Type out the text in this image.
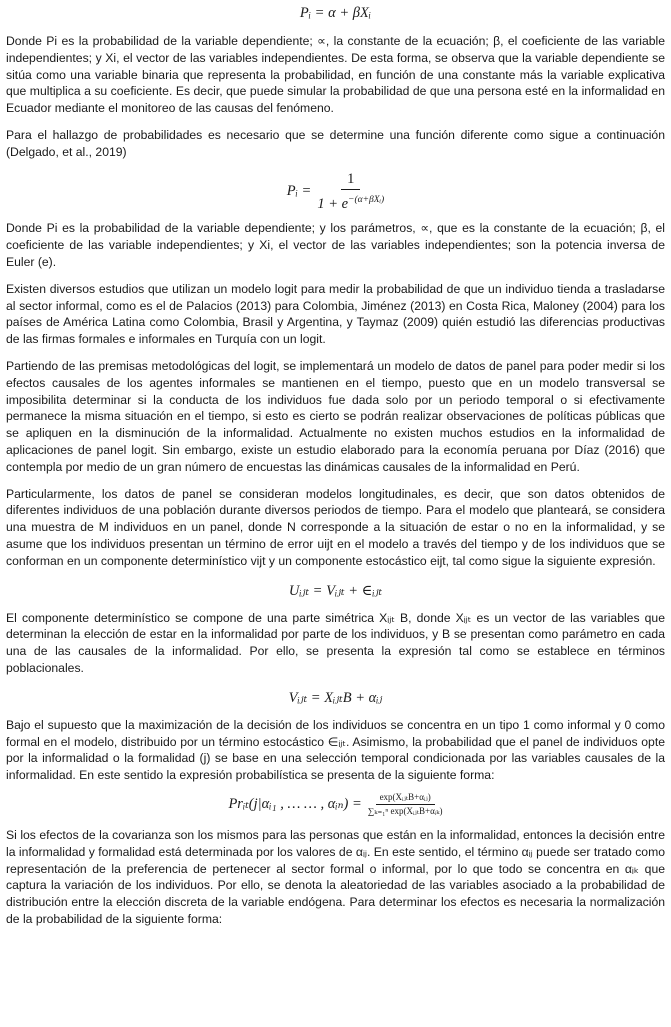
Pᵢ = α + βXᵢ

Donde Pi es la probabilidad de la variable dependiente; ∝, la constante de la ecuación; β, el coeficiente de las variable independientes; y Xi, el vector de las variables independientes. De esta forma, se observa que la variable dependiente se sitúa como una variable binaria que representa la probabilidad, en función de una constante más la variable explicativa que multiplica a su coeficiente. Es decir, que puede simular la probabilidad de que una persona esté en la informalidad en Ecuador mediante el monitoreo de las causas del fenómeno.

Para el hallazgo de probabilidades es necesario que se determine una función diferente como sigue a continuación (Delgado, et al., 2019)

Pᵢ = $\frac{1}{1 + e^{-(\alpha+\beta Xᵢ)}}$

Donde Pi es la probabilidad de la variable dependiente; y los parámetros, ∝, que es la constante de la ecuación; β, el coeficiente de las variable independientes; y Xi, el vector de las variables independientes; son la potencia inversa de Euler (e).

Existen diversos estudios que utilizan un modelo logit para medir la probabilidad de que un individuo tienda a trasladarse al sector informal, como es el de Palacios (2013) para Colombia, Jiménez (2013) en Costa Rica, Maloney (2004) para los países de América Latina como Colombia, Brasil y Argentina, y Taymaz (2009) quién estudió las diferencias productivas de las firmas formales e informales en Turquía con un logit.

Partiendo de las premisas metodológicas del logit, se implementará un modelo de datos de panel para poder medir si los efectos causales de los agentes informales se mantienen en el tiempo, puesto que en un modelo transversal se imposibilita determinar si la conducta de los individuos fue dada solo por un periodo temporal o si efectivamente permanece la misma situación en el tiempo, si esto es cierto se podrán realizar observaciones de políticas públicas que se apliquen en la disminución de la informalidad. Actualmente no existen muchos estudios en la informalidad de aplicaciones de panel logit. Sin embargo, existe un estudio elaborado para la economía peruana por Díaz (2016) que contempla por medio de un gran número de encuestas las dinámicas causales de la informalidad en Perú.

Particularmente, los datos de panel se consideran modelos longitudinales, es decir, que son datos obtenidos de diferentes individuos de una población durante diversos periodos de tiempo. Para el modelo que planteará, se considera una muestra de M individuos en un panel, donde N corresponde a la situación de estar o no en la informalidad, y se asume que los individuos presentan un término de error uijt en el modelo a través del tiempo y de los individuos que se conforman en un componente determinístico vijt y un componente estocástico eijt, tal como sigue la siguiente expresión.

Uᵢⱼₜ = Vᵢⱼₜ + ∈ᵢⱼₜ

El componente determinístico se compone de una parte simétrica Xᵢⱼₜ B, donde Xᵢⱼₜ es un vector de las variables que determinan la elección de estar en la informalidad por parte de los individuos, y B se presentan como parámetro en cada una de las causales de la informalidad. Por ello, se presenta la expresión tal como se establece en términos poblacionales.

Vᵢⱼₜ = XᵢⱼₜB + αᵢⱼ

Bajo el supuesto que la maximización de la decisión de los individuos se concentra en un tipo 1 como informal y 0 como formal en el modelo, distribuido por un término estocástico ∈ᵢⱼₜ. Asimismo, la probabilidad que el panel de individuos opte por la informalidad o la formalidad (j) se base en una selección temporal condicionada por las variables causales de la informalidad. En este sentido la expresión probabilística se presenta de la siguiente forma:

Prᵢₜ(j|αᵢ₁ , … … , αᵢₙ) = $\frac{\text{exp(XᵢⱼₜB+αᵢⱼ)}}{\text{∑ₖ₌₁ⁿ exp(XᵢⱼₜB+αᵢₖ)}}$

Si los efectos de la covarianza son los mismos para las personas que están en la informalidad, entonces la decisión entre la informalidad y formalidad está determinada por los valores de αᵢⱼ. En este sentido, el término αᵢⱼ puede ser tratado como representación de la preferencia de pertenecer al sector formal o informal, por lo que todo se concentra en αᵢₖ que captura la variación de los individuos. Por ello, se denota la aleatoriedad de las variables asociado a la probabilidad de distribución entre la elección discreta de la variable endógena. Para determinar los efectos es necesaria la normalización de la probabilidad de la siguiente forma:
